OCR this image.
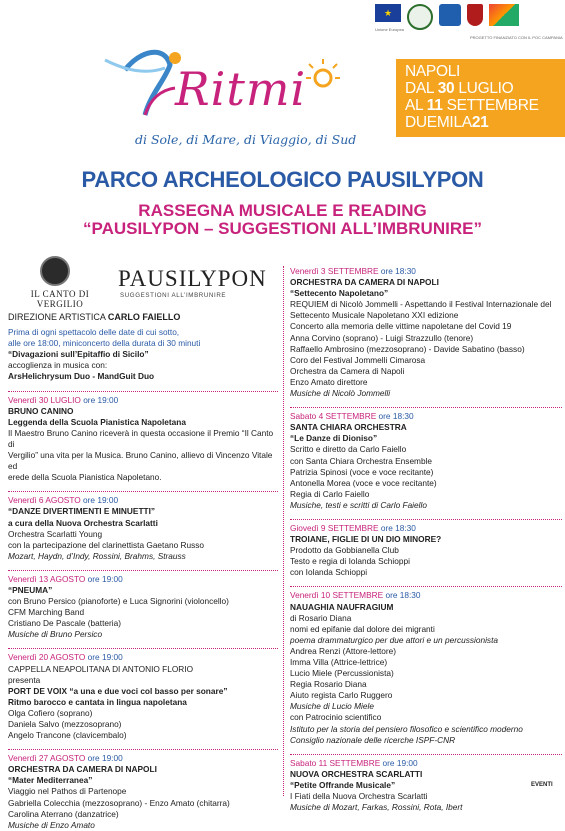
★
Unione Europea
PROGETTO FINANZIATO CON IL POC CAMPANIA
Ritmi
di Sole, di Mare, di Viaggio, di Sud
NAPOLI
DAL 30 LUGLIO
AL 11 SETTEMBRE
DUEMILA21
PARCO ARCHEOLOGICO PAUSILYPON
RASSEGNA MUSICALE E READING
“PAUSILYPON – SUGGESTIONI ALL’IMBRUNIRE”
IL CANTO DI VERGILIO
PAUSILYPON
SUGGESTIONI ALL’IMBRUNIRE

DIREZIONE ARTISTICA CARLO FAIELLO

Prima di ogni spettacolo delle date di cui sotto,

alle ore 18:00, miniconcerto della durata di 30 minuti

“Divagazioni sull’Epitaffio di Sicilo”

accoglienza in musica con:

ArsHelichrysum Duo - MandGuit Duo

Venerdì 30 LUGLIO ore 19:00

BRUNO CANINO

Leggenda della Scuola Pianistica Napoletana

Il Maestro Bruno Canino riceverà in questa occasione il Premio “Il Canto di

Vergilio” una vita per la Musica. Bruno Canino, allievo di Vincenzo Vitale ed

erede della Scuola Pianistica Napoletano.

Venerdì 6 AGOSTO ore 19:00

“DANZE DIVERTIMENTI E MINUETTI”

a cura della Nuova Orchestra Scarlatti

Orchestra Scarlatti Young

con la partecipazione del clarinettista Gaetano Russo

Mozart, Haydn, d’Indy, Rossini, Brahms, Strauss

Venerdì 13 AGOSTO ore 19:00

“PNEUMA”

con Bruno Persico (pianoforte) e Luca Signorini (violoncello)

CFM Marching Band

Cristiano De Pascale (batteria)

Musiche di Bruno Persico

Venerdì 20 AGOSTO ore 19:00

CAPPELLA NEAPOLITANA DI ANTONIO FLORIO

presenta

PORT DE VOIX “a una e due voci col basso per sonare”

Ritmo barocco e cantata in lingua napoletana

Olga Cofiero (soprano)

Daniela Salvo (mezzosoprano)

Angelo Trancone (clavicembalo)

Venerdì 27 AGOSTO ore 19:00

ORCHESTRA DA CAMERA DI NAPOLI

“Mater Mediterranea”

Viaggio nel Pathos di Partenope

Gabriella Colecchia (mezzosoprano) - Enzo Amato (chitarra)

Carolina Aterrano (danzatrice)

Musiche di Enzo Amato

Venerdì 3 SETTEMBRE ore 18:30

ORCHESTRA DA CAMERA DI NAPOLI

“Settecento Napoletano”

REQUIEM di Nicolò Jommelli - Aspettando il Festival Internazionale del

Settecento Musicale Napoletano XXI edizione

Concerto alla memoria delle vittime napoletane del Covid 19

Anna Corvino (soprano) - Luigi Strazzullo (tenore)

Raffaello Ambrosino (mezzosoprano) - Davide Sabatino (basso)

Coro del Festival Jommelli Cimarosa

Orchestra da Camera di Napoli

Enzo Amato direttore

Musiche di Nicolò Jommelli

Sabato 4 SETTEMBRE ore 18:30

SANTA CHIARA ORCHESTRA

“Le Danze di Dioniso”

Scritto e diretto da Carlo Faiello

con Santa Chiara Orchestra Ensemble

Patrizia Spinosi (voce e voce recitante)

Antonella Morea (voce e voce recitante)

Regia di Carlo Faiello

Musiche, testi e scritti di Carlo Faiello

Giovedì 9 SETTEMBRE ore 18:30

TROIANE, FIGLIE DI UN DIO MINORE?

Prodotto da Gobbianella Club

Testo e regia di Iolanda Schioppi

con Iolanda Schioppi

Venerdì 10 SETTEMBRE ore 18:30

NAUAGHIA NAUFRAGIUM

di Rosario Diana

nomi ed epifanie dal dolore dei migranti

poema drammaturgico per due attori e un percussionista

Andrea Renzi (Attore-lettore)

Imma Villa (Attrice-lettrice)

Lucio Miele (Percussionista)

Regia Rosario Diana

Aiuto regista Carlo Ruggero

Musiche di Lucio Miele

con Patrocinio scientifico

Istituto per la storia del pensiero filosofico e scientifico moderno

Consiglio nazionale delle ricerche ISPF-CNR

Sabato 11 SETTEMBRE ore 19:00

NUOVA ORCHESTRA SCARLATTI

“Petite Offrande Musicale”

I Fiati della Nuova Orchestra Scarlatti

Musiche di Mozart, Farkas, Rossini, Rota, Ibert

EVENTI
